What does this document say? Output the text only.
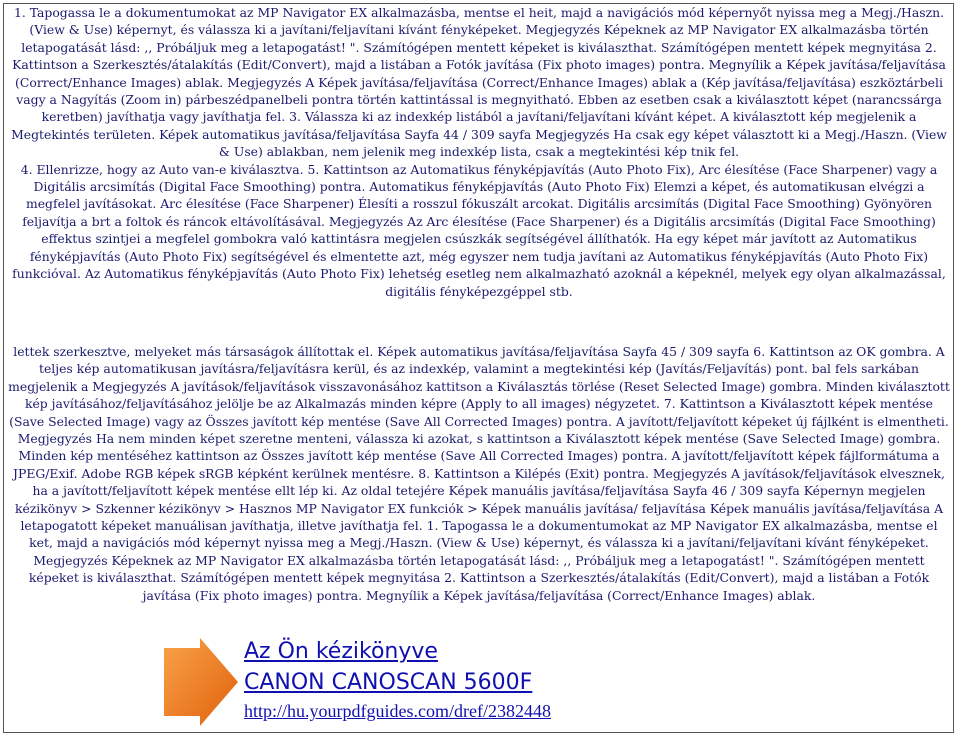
1. Tapogassa le a dokumentumokat az MP Navigator EX alkalmazásba, mentse el heit, majd a navigációs mód képernyőt nyissa meg a Megj./Haszn. (View & Use) képernyt, és válassza ki a javítani/feljavítani kívánt fényképeket. Megjegyzés Képeknek az MP Navigator EX alkalmazásba történ letapogatását lásd: ,, Próbáljuk meg a letapogatást! ". Számítógépen mentett képeket is kiválaszthat. Számítógépen mentett képek megnyitása 2. Kattintson a Szerkesztés/átalakítás (Edit/Convert), majd a listában a Fotók javítása (Fix photo images) pontra. Megnyílik a Képek javítása/feljavítása (Correct/Enhance Images) ablak. Megjegyzés A Képek javítása/feljavítása (Correct/Enhance Images) ablak a (Kép javítása/feljavítása) eszköztárbeli vagy a Nagyítás (Zoom in) párbeszédpanelbeli pontra történ kattintással is megnyitható. Ebben az esetben csak a kiválasztott képet (narancssárga keretben) javíthatja vagy javíthatja fel. 3. Válassza ki az indexkép listából a javítani/feljavítani kívánt képet. A kiválasztott kép megjelenik a Megtekintés területen. Képek automatikus javítása/feljavítása Sayfa 44 / 309 sayfa Megjegyzés Ha csak egy képet választott ki a Megj./Haszn. (View & Use) ablakban, nem jelenik meg indexkép lista, csak a megtekintési kép tnik fel.

4. Ellenrizze, hogy az Auto van-e kiválasztva. 5. Kattintson az Automatikus fényképjavítás (Auto Photo Fix), Arc élesítése (Face Sharpener) vagy a Digitális arcsimítás (Digital Face Smoothing) pontra. Automatikus fényképjavítás (Auto Photo Fix) Elemzi a képet, és automatikusan elvégzi a megfelel javításokat. Arc élesítése (Face Sharpener) Élesíti a rosszul fókuszált arcokat. Digitális arcsimítás (Digital Face Smoothing) Gyönyören feljavítja a brt a foltok és ráncok eltávolításával. Megjegyzés Az Arc élesítése (Face Sharpener) és a Digitális arcsimítás (Digital Face Smoothing) effektus szintjei a megfelel gombokra való kattintásra megjelen csúszkák segítségével állíthatók. Ha egy képet már javított az Automatikus fényképjavítás (Auto Photo Fix) segítségével és elmentette azt, még egyszer nem tudja javítani az Automatikus fényképjavítás (Auto Photo Fix) funkcióval. Az Automatikus fényképjavítás (Auto Photo Fix) lehetség esetleg nem alkalmazható azoknál a képeknél, melyek egy olyan alkalmazással, digitális fényképezgéppel stb.

lettek szerkesztve, melyeket más társaságok állítottak el. Képek automatikus javítása/feljavítása Sayfa 45 / 309 sayfa 6. Kattintson az OK gombra. A teljes kép automatikusan javításra/feljavításra kerül, és az indexkép, valamint a megtekintési kép (Javítás/Feljavítás) pont. bal fels sarkában megjelenik a Megjegyzés A javítások/feljavítások visszavonásához kattitson a Kiválasztás törlése (Reset Selected Image) gombra. Minden kiválasztott kép javításához/feljavításához jelölje be az Alkalmazás minden képre (Apply to all images) négyzetet. 7. Kattintson a Kiválasztott képek mentése (Save Selected Image) vagy az Összes javított kép mentése (Save All Corrected Images) pontra. A javított/feljavított képeket új fájlként is elmentheti. Megjegyzés Ha nem minden képet szeretne menteni, válassza ki azokat, s kattintson a Kiválasztott képek mentése (Save Selected Image) gombra. Minden kép mentéséhez kattintson az Összes javított kép mentése (Save All Corrected Images) pontra. A javított/feljavított képek fájlformátuma a JPEG/Exif. Adobe RGB képek sRGB képként kerülnek mentésre. 8. Kattintson a Kilépés (Exit) pontra. Megjegyzés A javítások/feljavítások elvesznek, ha a javított/feljavított képek mentése ellt lép ki. Az oldal tetejére Képek manuális javítása/feljavítása Sayfa 46 / 309 sayfa Képernyn megjelen kézikönyv > Szkenner kézikönyv > Hasznos MP Navigator EX funkciók > Képek manuális javítása/ feljavítása Képek manuális javítása/feljavítása A letapogatott képeket manuálisan javíthatja, illetve javíthatja fel. 1. Tapogassa le a dokumentumokat az MP Navigator EX alkalmazásba, mentse el ket, majd a navigációs mód képernyt nyissa meg a Megj./Haszn. (View & Use) képernyt, és válassza ki a javítani/feljavítani kívánt fényképeket. Megjegyzés Képeknek az MP Navigator EX alkalmazásba történ letapogatását lásd: ,, Próbáljuk meg a letapogatást! ". Számítógépen mentett képeket is kiválaszthat. Számítógépen mentett képek megnyitása 2. Kattintson a Szerkesztés/átalakítás (Edit/Convert), majd a listában a Fotók javítása (Fix photo images) pontra. Megnyílik a Képek javítása/feljavítása (Correct/Enhance Images) ablak.

Az Ön kézikönyve
CANON CANOSCAN 5600F
http://hu.yourpdfguides.com/dref/2382448
